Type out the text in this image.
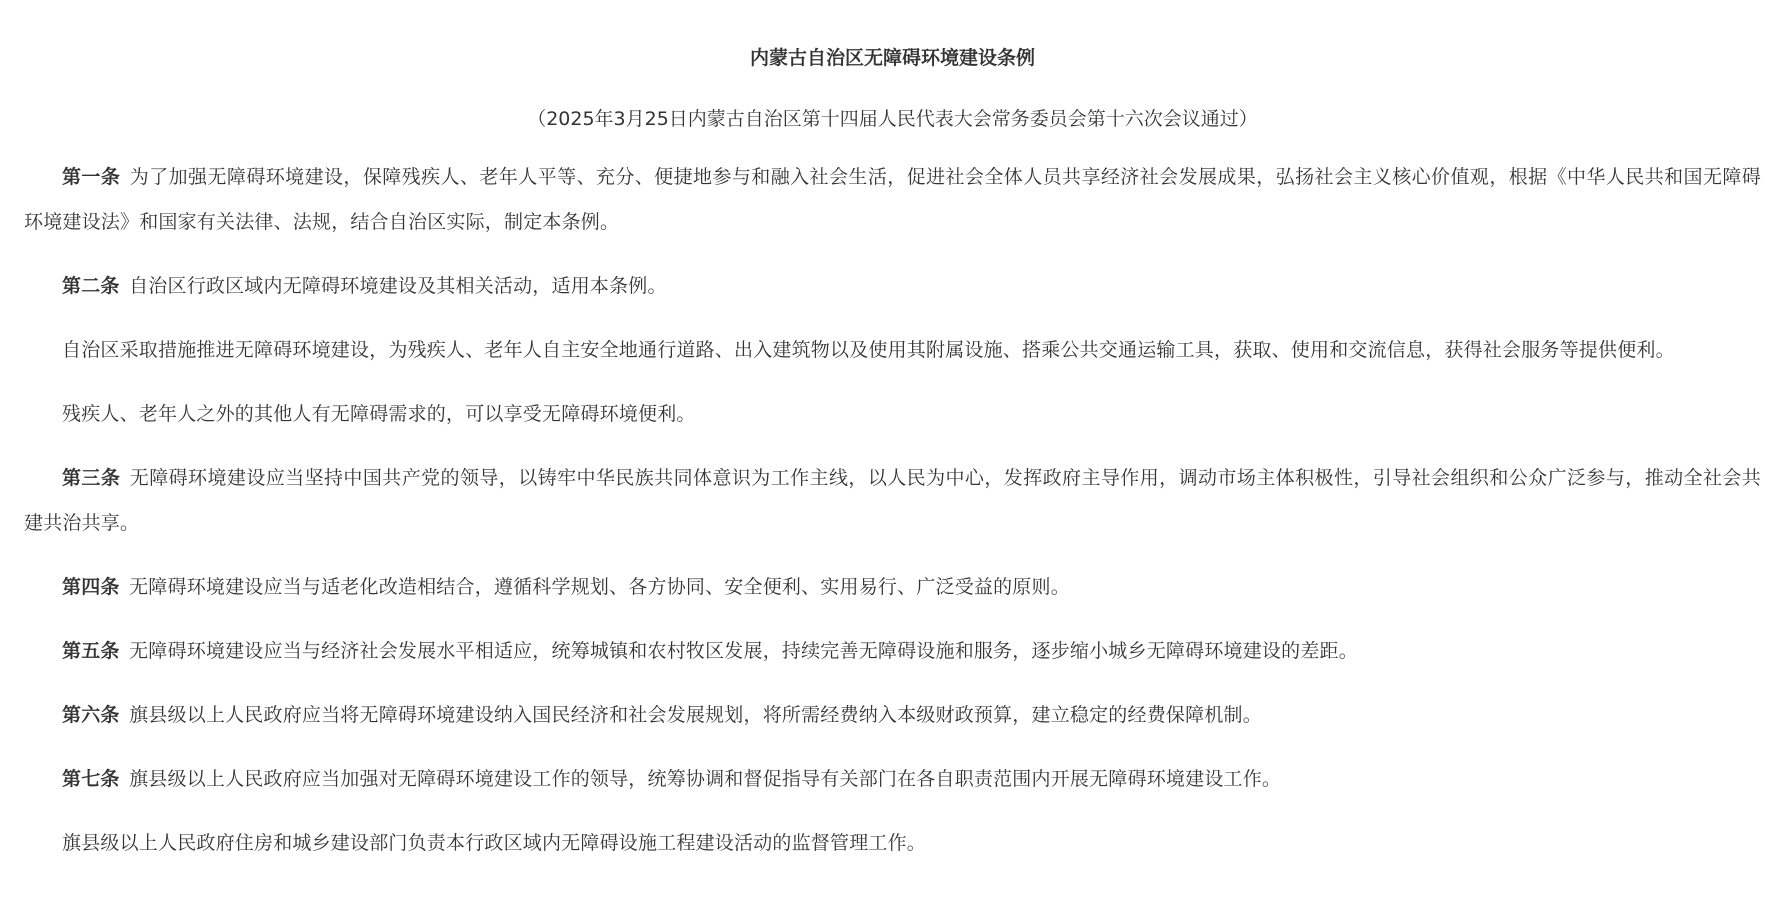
内蒙古自治区无障碍环境建设条例
（2025年3月25日内蒙古自治区第十四届人民代表大会常务委员会第十六次会议通过）

第一条 为了加强无障碍环境建设，保障残疾人、老年人平等、充分、便捷地参与和融入社会生活，促进社会全体人员共享经济社会发展成果，弘扬社会主义核心价值观，根据《中华人民共和国无障碍环境建设法》和国家有关法律、法规，结合自治区实际，制定本条例。

第二条 自治区行政区域内无障碍环境建设及其相关活动，适用本条例。

自治区采取措施推进无障碍环境建设，为残疾人、老年人自主安全地通行道路、出入建筑物以及使用其附属设施、搭乘公共交通运输工具，获取、使用和交流信息，获得社会服务等提供便利。

残疾人、老年人之外的其他人有无障碍需求的，可以享受无障碍环境便利。

第三条 无障碍环境建设应当坚持中国共产党的领导，以铸牢中华民族共同体意识为工作主线，以人民为中心，发挥政府主导作用，调动市场主体积极性，引导社会组织和公众广泛参与，推动全社会共建共治共享。

第四条 无障碍环境建设应当与适老化改造相结合，遵循科学规划、各方协同、安全便利、实用易行、广泛受益的原则。

第五条 无障碍环境建设应当与经济社会发展水平相适应，统筹城镇和农村牧区发展，持续完善无障碍设施和服务，逐步缩小城乡无障碍环境建设的差距。

第六条 旗县级以上人民政府应当将无障碍环境建设纳入国民经济和社会发展规划，将所需经费纳入本级财政预算，建立稳定的经费保障机制。

第七条 旗县级以上人民政府应当加强对无障碍环境建设工作的领导，统筹协调和督促指导有关部门在各自职责范围内开展无障碍环境建设工作。

旗县级以上人民政府住房和城乡建设部门负责本行政区域内无障碍设施工程建设活动的监督管理工作。
